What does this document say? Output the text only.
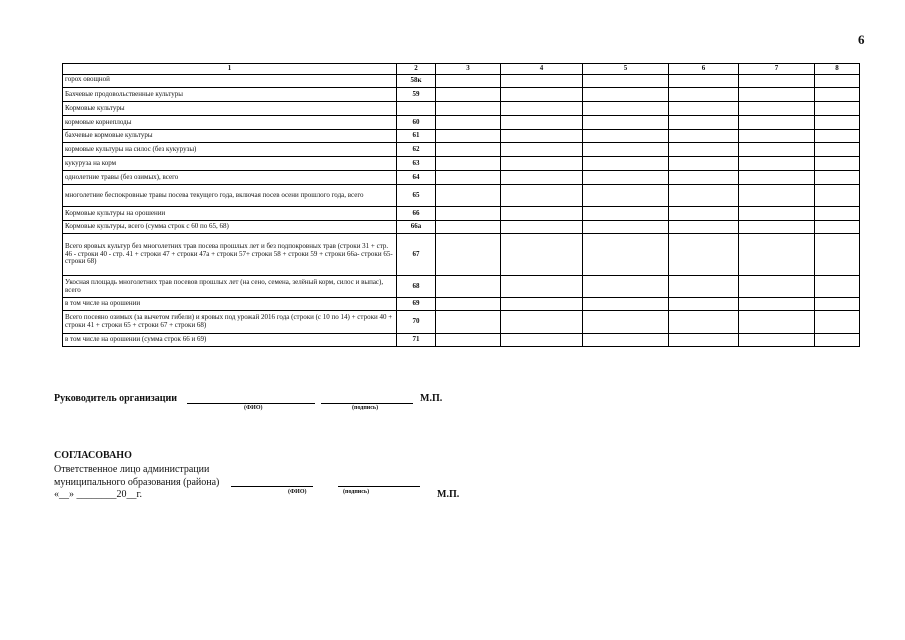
6
1	2	3	4	5	6	7	8
горох овощной	58к						
Бахчевые продовольственные культуры	59						
Кормовые культуры							
кормовые корнеплоды	60						
бахчевые кормовые культуры	61						
кормовые культуры на силос (без кукурузы)	62						
кукуруза на корм	63						
однолетние травы (без озимых), всего	64						
многолетние беспокровные травы посева текущего года, включая посев осени прошлого года, всего	65						
Кормовые культуры на орошении	66						
Кормовые культуры, всего (сумма строк с 60 по 65, 68)	66а						
Всего яровых культур без многолетних трав посева прошлых лет и без подпокровных трав (строки 31 + стр. 46 - строки 40 - стр. 41 + строки 47 + строки 47а + строки 57+ строки 58 + строки 59 + строки 66а- строки 65- строки 68)	67						
Укосная площадь многолетних трав посевов прошлых лет (на сено, семена, зелёный корм, силос и выпас), всего	68						
в том числе на орошении	69						
Всего посеяно озимых (за вычетом гибели) и яровых под урожай 2016 года (строки (с 10 по 14) + строки 40 + строки 41 + строки 65 + строки 67 + строки 68)	70						
в том числе на орошении (сумма строк 66 и 69)	71						
Руководитель организации	М.П.
(ФИО)	(подпись)
СОГЛАСОВАНО
Ответственное лицо администрации
муниципального образования (района)
«__» ________20__г.	(ФИО)	(подпись)	М.П.
